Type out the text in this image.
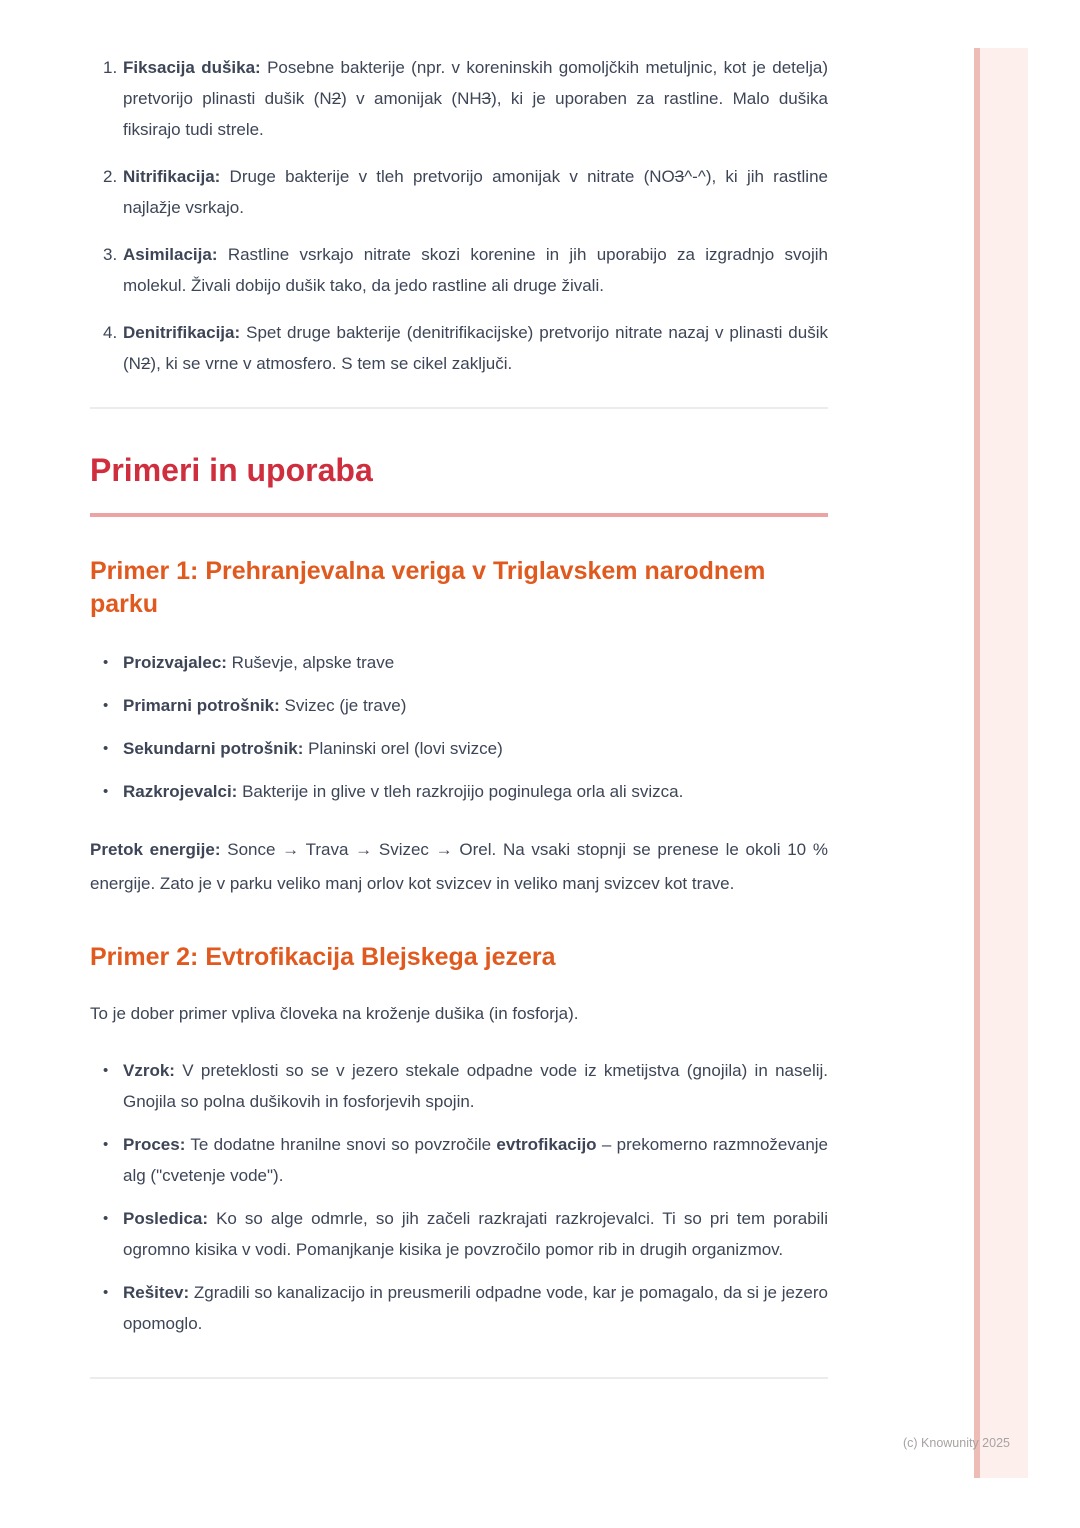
1. Fiksacija dušika: Posebne bakterije (npr. v koreninskih gomoljčkih metuljnic, kot je detelja) pretvorijo plinasti dušik (N2) v amonijak (NH3), ki je uporaben za rastline. Malo dušika fiksirajo tudi strele.
2. Nitrifikacija: Druge bakterije v tleh pretvorijo amonijak v nitrate (NO3^-^), ki jih rastline najlažje vsrkajo.
3. Asimilacija: Rastline vsrkajo nitrate skozi korenine in jih uporabijo za izgradnjo svojih molekul. Živali dobijo dušik tako, da jedo rastline ali druge živali.
4. Denitrifikacija: Spet druge bakterije (denitrifikacijske) pretvorijo nitrate nazaj v plinasti dušik (N2), ki se vrne v atmosfero. S tem se cikel zaključi.
Primeri in uporaba
Primer 1: Prehranjevalna veriga v Triglavskem narodnem parku
• Proizvajalec: Ruševje, alpske trave
• Primarni potrošnik: Svizec (je trave)
• Sekundarni potrošnik: Planinski orel (lovi svizce)
• Razkrojevalci: Bakterije in glive v tleh razkrojijo poginulega orla ali svizca.

Pretok energije: Sonce → Trava → Svizec → Orel. Na vsaki stopnji se prenese le okoli 10 % energije. Zato je v parku veliko manj orlov kot svizcev in veliko manj svizcev kot trave.

Primer 2: Evtrofikacija Blejskega jezera

To je dober primer vpliva človeka na kroženje dušika (in fosforja).

• Vzrok: V preteklosti so se v jezero stekale odpadne vode iz kmetijstva (gnojila) in naselij. Gnojila so polna dušikovih in fosforjevih spojin.
• Proces: Te dodatne hranilne snovi so povzročile evtrofikacijo – prekomerno razmnoževanje alg ("cvetenje vode").
• Posledica: Ko so alge odmrle, so jih začeli razkrajati razkrojevalci. Ti so pri tem porabili ogromno kisika v vodi. Pomanjkanje kisika je povzročilo pomor rib in drugih organizmov.
• Rešitev: Zgradili so kanalizacijo in preusmerili odpadne vode, kar je pomagalo, da si je jezero opomoglo.
(c) Knowunity 2025
